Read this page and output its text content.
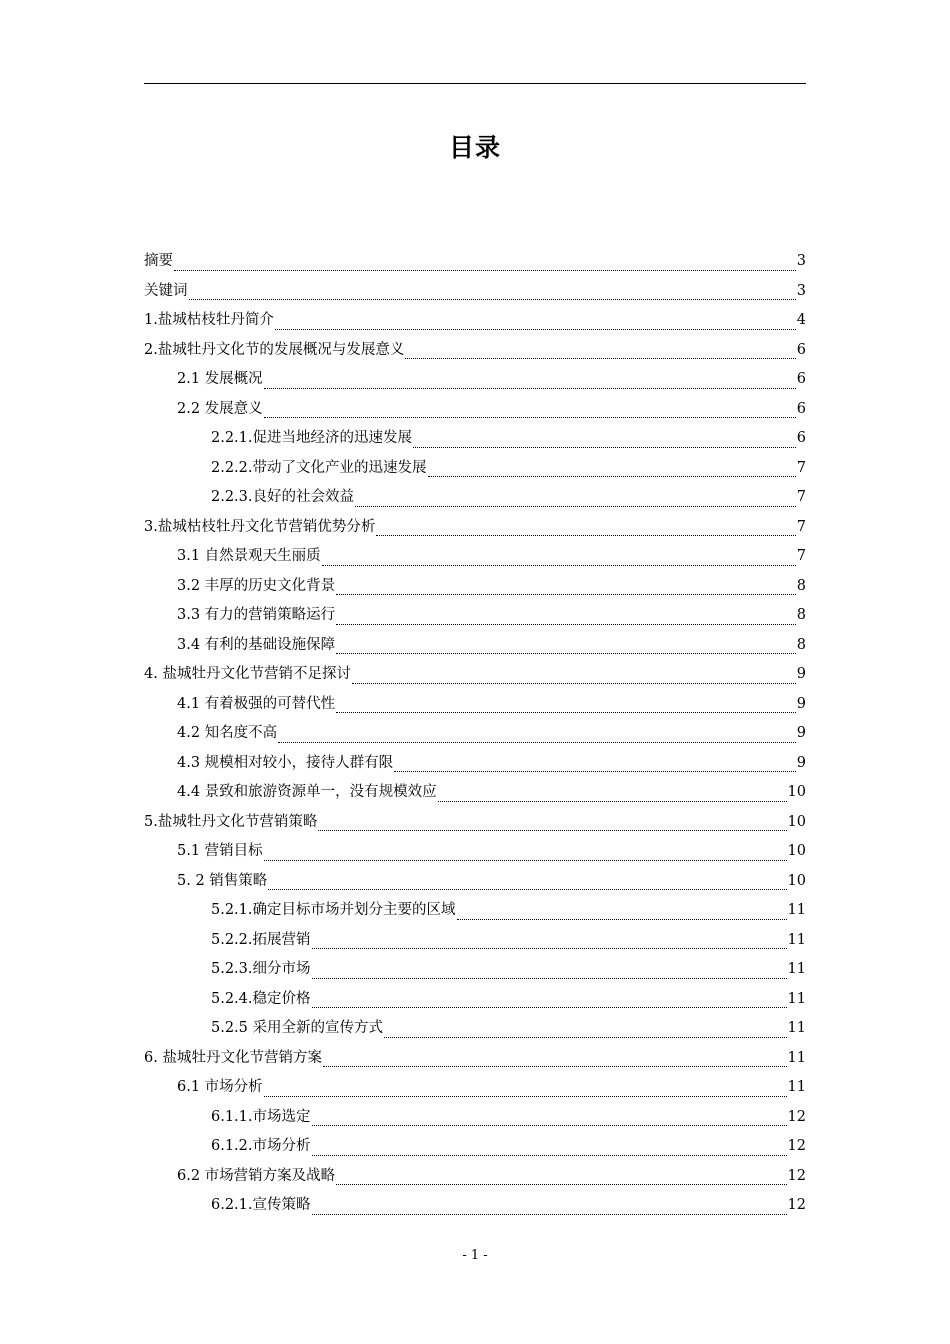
目录
摘要	3
关键词	3
1.盐城枯枝牡丹简介	4
2.盐城牡丹文化节的发展概况与发展意义	6
2.1 发展概况	6
2.2 发展意义	6
2.2.1.促进当地经济的迅速发展	6
2.2.2.带动了文化产业的迅速发展	7
2.2.3.良好的社会效益	7
3.盐城枯枝牡丹文化节营销优势分析	7
3.1 自然景观天生丽质	7
3.2 丰厚的历史文化背景	8
3.3 有力的营销策略运行	8
3.4 有利的基础设施保障	8
4. 盐城牡丹文化节营销不足探讨	9
4.1 有着极强的可替代性	9
4.2 知名度不高	9
4.3 规模相对较小，接待人群有限	9
4.4 景致和旅游资源单一，没有规模效应	10
5.盐城牡丹文化节营销策略	10
5.1 营销目标	10
5. 2 销售策略	10
5.2.1.确定目标市场并划分主要的区域	11
5.2.2.拓展营销	11
5.2.3.细分市场	11
5.2.4.稳定价格	11
5.2.5 采用全新的宣传方式	11
6. 盐城牡丹文化节营销方案	11
6.1 市场分析	11
6.1.1.市场选定	12
6.1.2.市场分析	12
6.2 市场营销方案及战略	12
6.2.1.宣传策略	12
- 1 -
